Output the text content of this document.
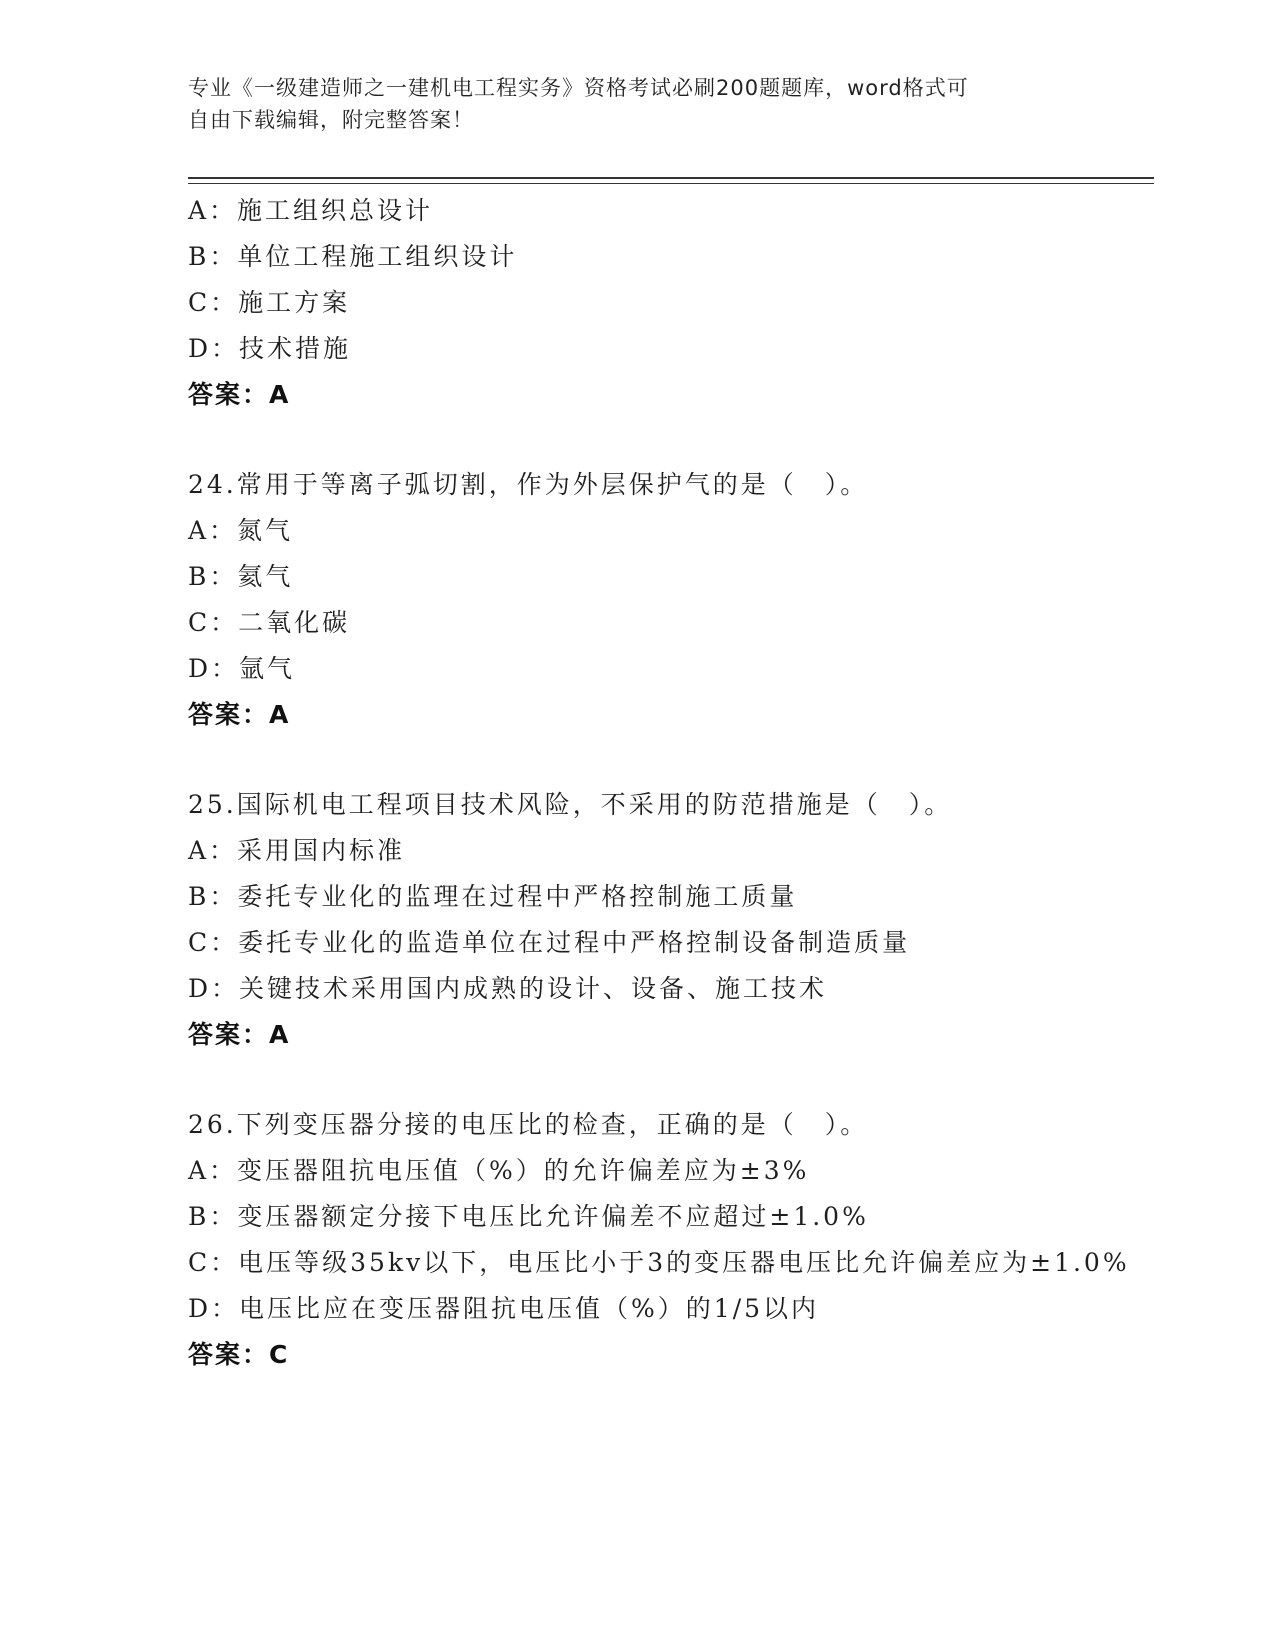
专业《一级建造师之一建机电工程实务》资格考试必刷200题题库，word格式可
自由下载编辑，附完整答案！
A：施工组织总设计
B：单位工程施工组织设计
C：施工方案
D：技术措施
答案：A
24.常用于等离子弧切割，作为外层保护气的是（　）。
A：氮气
B：氦气
C：二氧化碳
D：氩气
答案：A
25.国际机电工程项目技术风险，不采用的防范措施是（　）。
A：采用国内标准
B：委托专业化的监理在过程中严格控制施工质量
C：委托专业化的监造单位在过程中严格控制设备制造质量
D：关键技术采用国内成熟的设计、设备、施工技术
答案：A
26.下列变压器分接的电压比的检查，正确的是（　）。
A：变压器阻抗电压值（%）的允许偏差应为±3%
B：变压器额定分接下电压比允许偏差不应超过±1.0%
C：电压等级35kv以下，电压比小于3的变压器电压比允许偏差应为±1.0%
D：电压比应在变压器阻抗电压值（%）的1/5以内
答案：C
